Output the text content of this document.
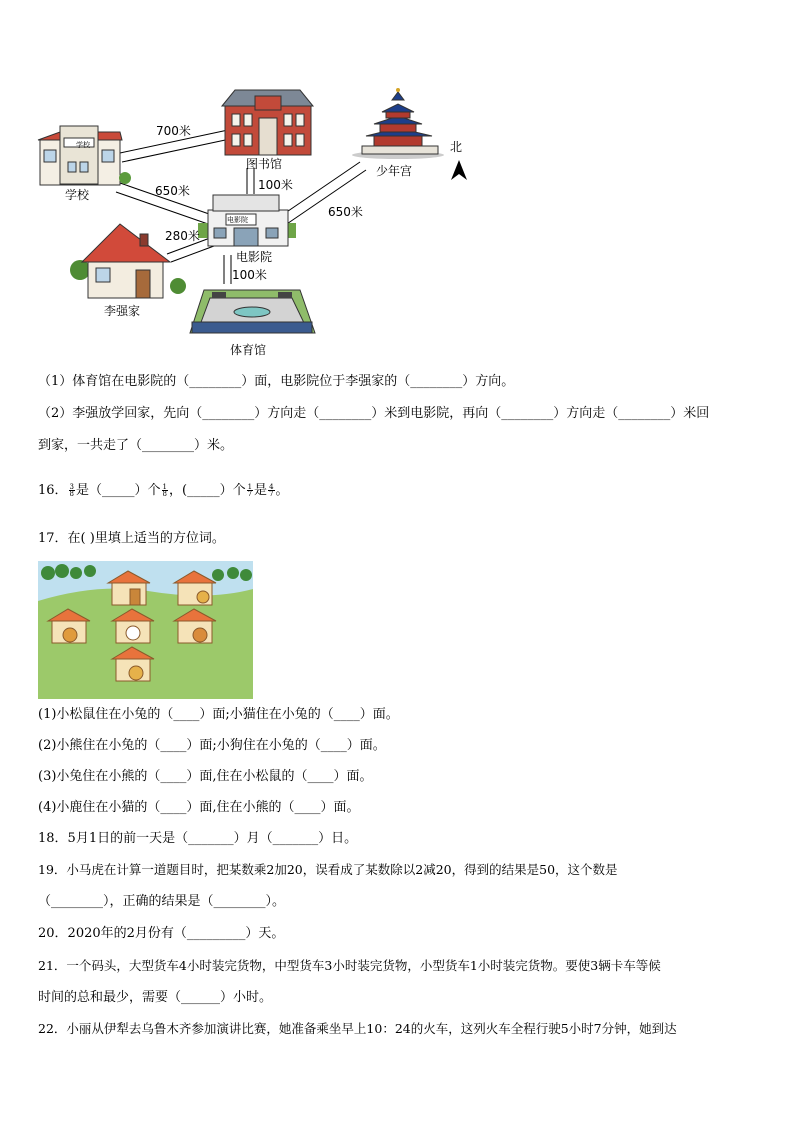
700米
图书馆	少年宫
北
学校
100米
650米
650米
280米
电影院
学校
电影院
100米
李强家
体育馆
（1）体育馆在电影院的（________）面，电影院位于李强家的（________）方向。
（2）李强放学回家，先向（________）方向走（________）米到电影院，再向（________）方向走（________）米回
到家，一共走了（________）米。
16． $\frac{3}{8}$ 是（_____）个 $\frac{1}{8}$ ，(_____）个 $\frac{1}{7}$ 是 $\frac{4}{7}$ 。
17．在( )里填上适当的方位词。
(1)小松鼠住在小兔的（____）面;小猫住在小兔的（____）面。
(2)小熊住在小兔的（____）面;小狗住在小兔的（____）面。
(3)小兔住在小熊的（____）面,住在小松鼠的（____）面。
(4)小鹿住在小猫的（____）面,住在小熊的（____）面。
18．5月1日的前一天是（_______）月（_______）日。
19．小马虎在计算一道题目时，把某数乘2加20，误看成了某数除以2减20，得到的结果是50，这个数是
（________），正确的结果是（________）。
20．2020年的2月份有（_________）天。
21．一个码头，大型货车4小时装完货物，中型货车3小时装完货物，小型货车1小时装完货物。要使3辆卡车等候
时间的总和最少，需要（______）小时。
22．小丽从伊犁去乌鲁木齐参加演讲比赛，她准备乘坐早上10：24的火车，这列火车全程行驶5小时7分钟，她到达
